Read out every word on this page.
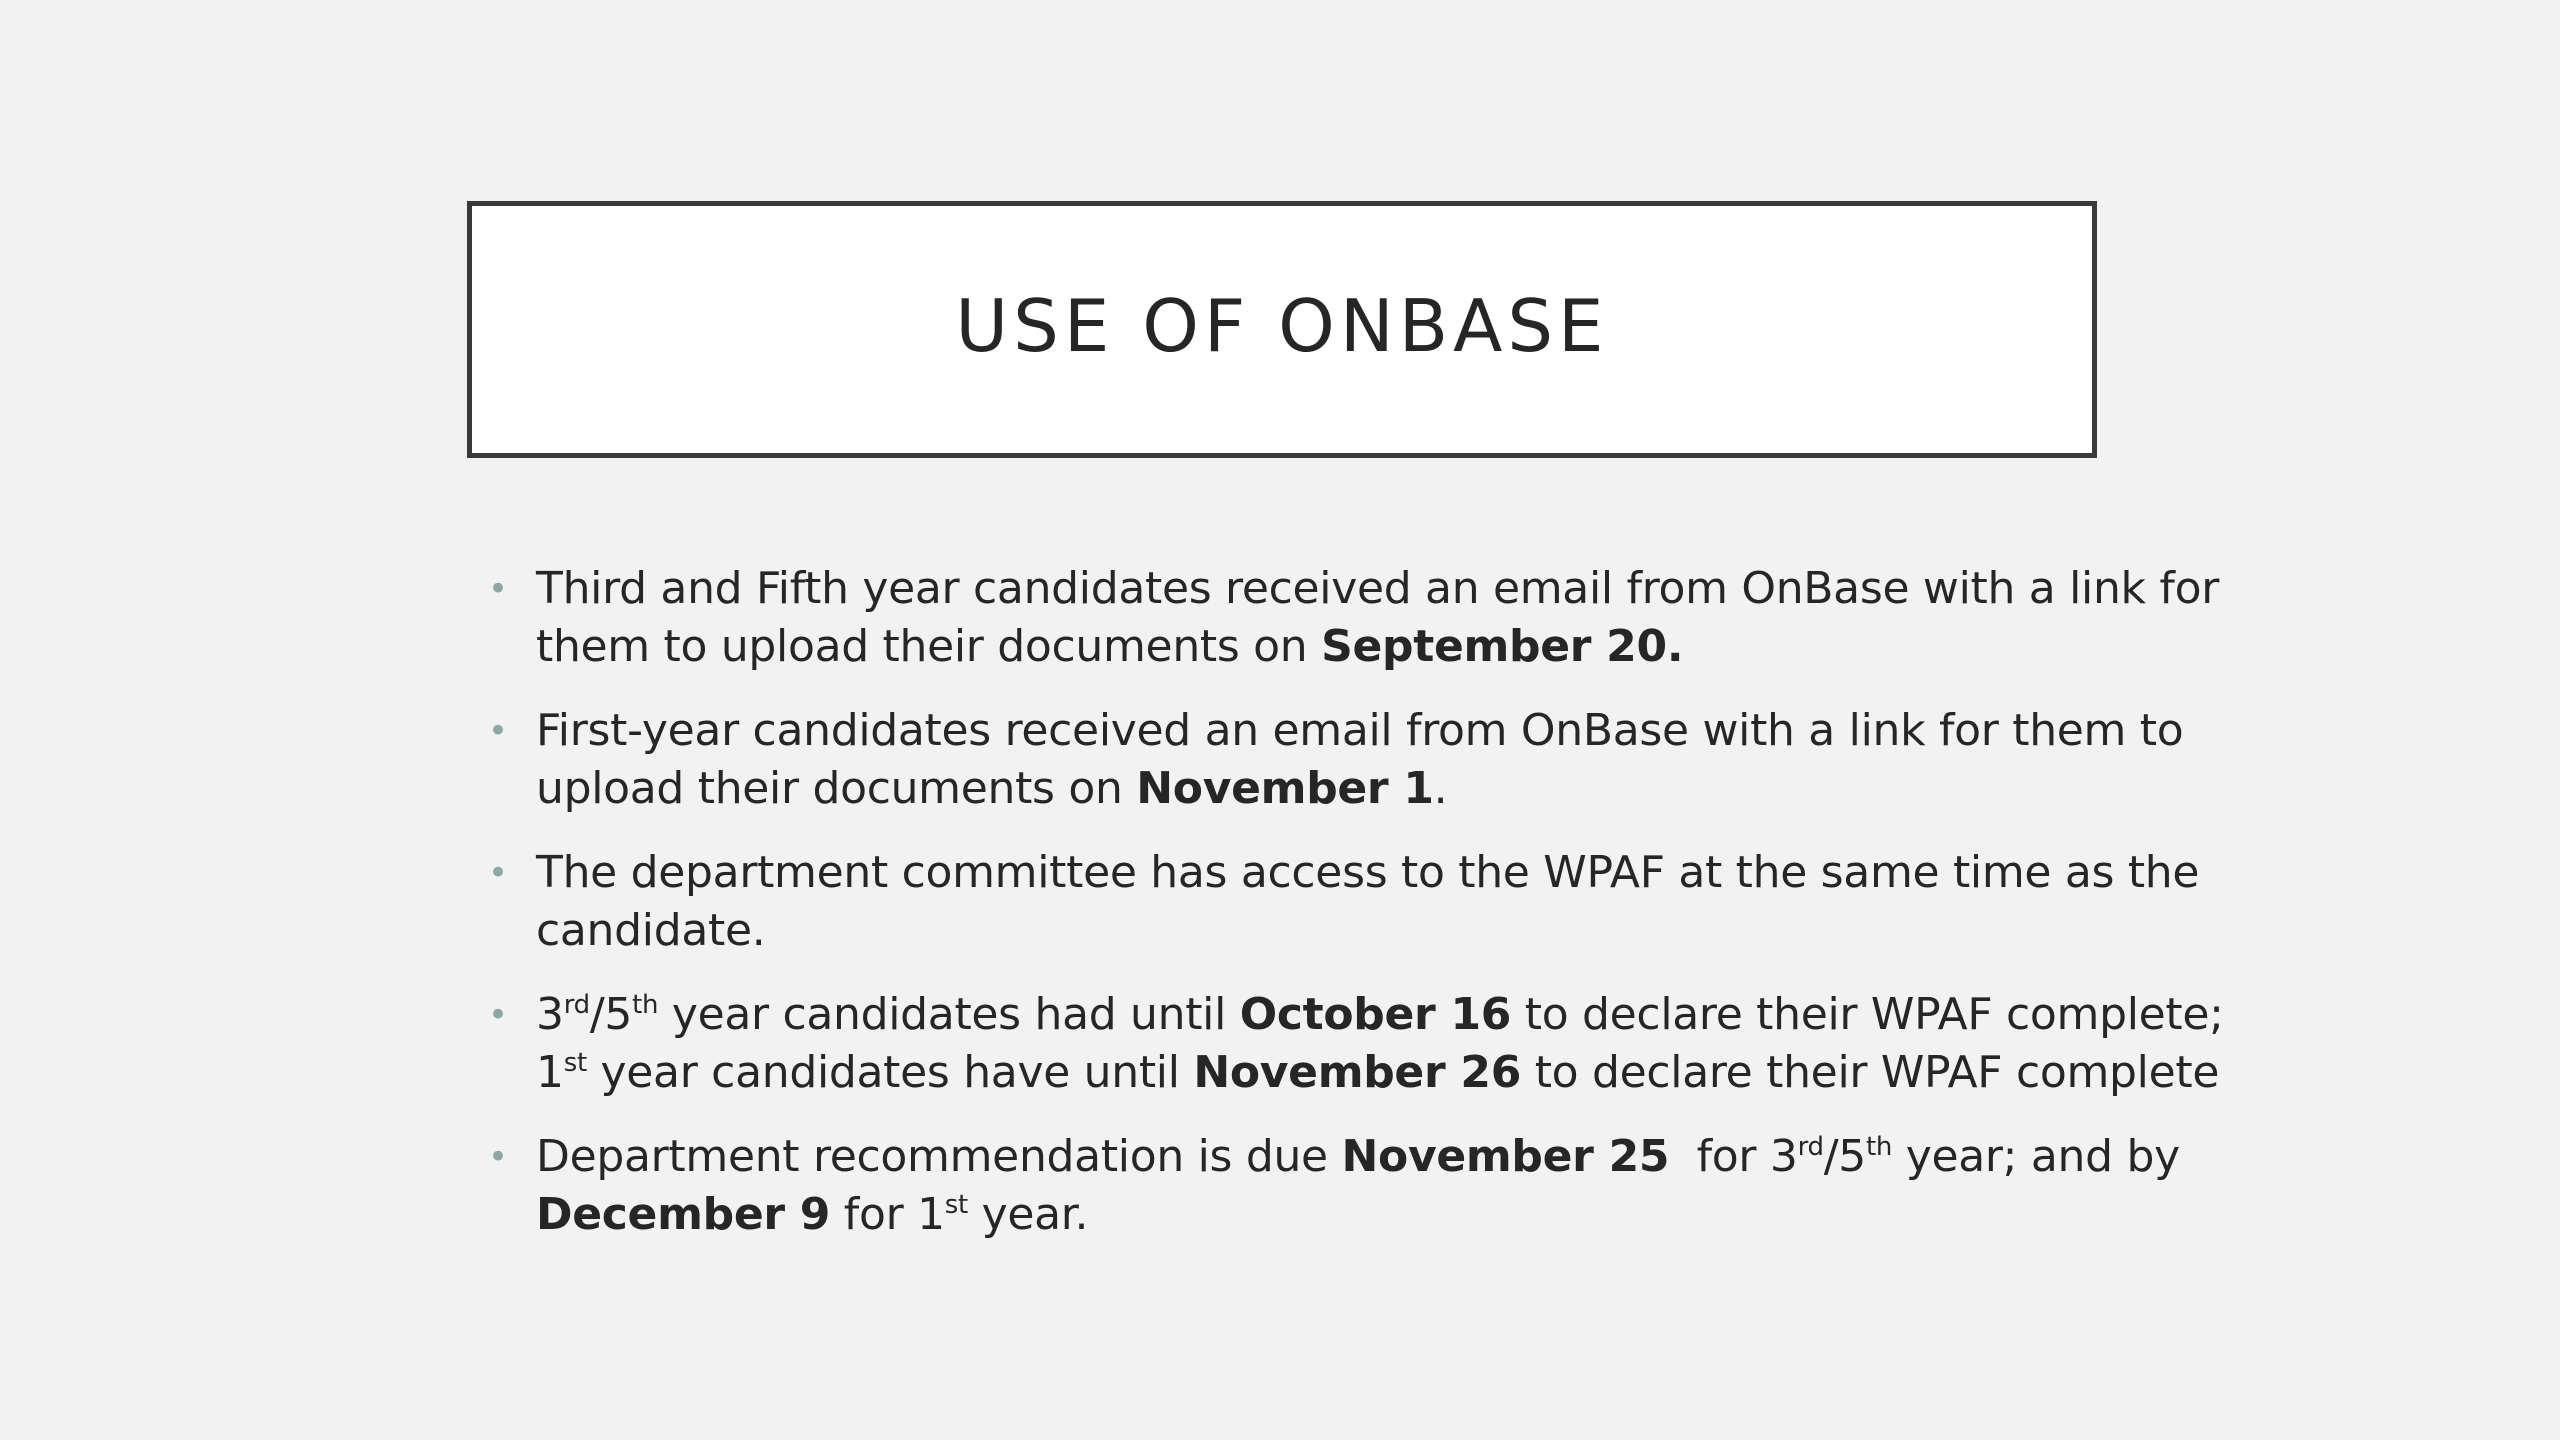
USE OF ONBASE
• Third and Fifth year candidates received an email from OnBase with a link for
them to upload their documents on September 20.
• First-year candidates received an email from OnBase with a link for them to
upload their documents on November 1.
• The department committee has access to the WPAF at the same time as the
candidate.
• 3rd/5th year candidates had until October 16 to declare their WPAF complete;
1st year candidates have until November 26 to declare their WPAF complete
• Department recommendation is due November 25  for 3rd/5th year; and by
December 9 for 1st year.
